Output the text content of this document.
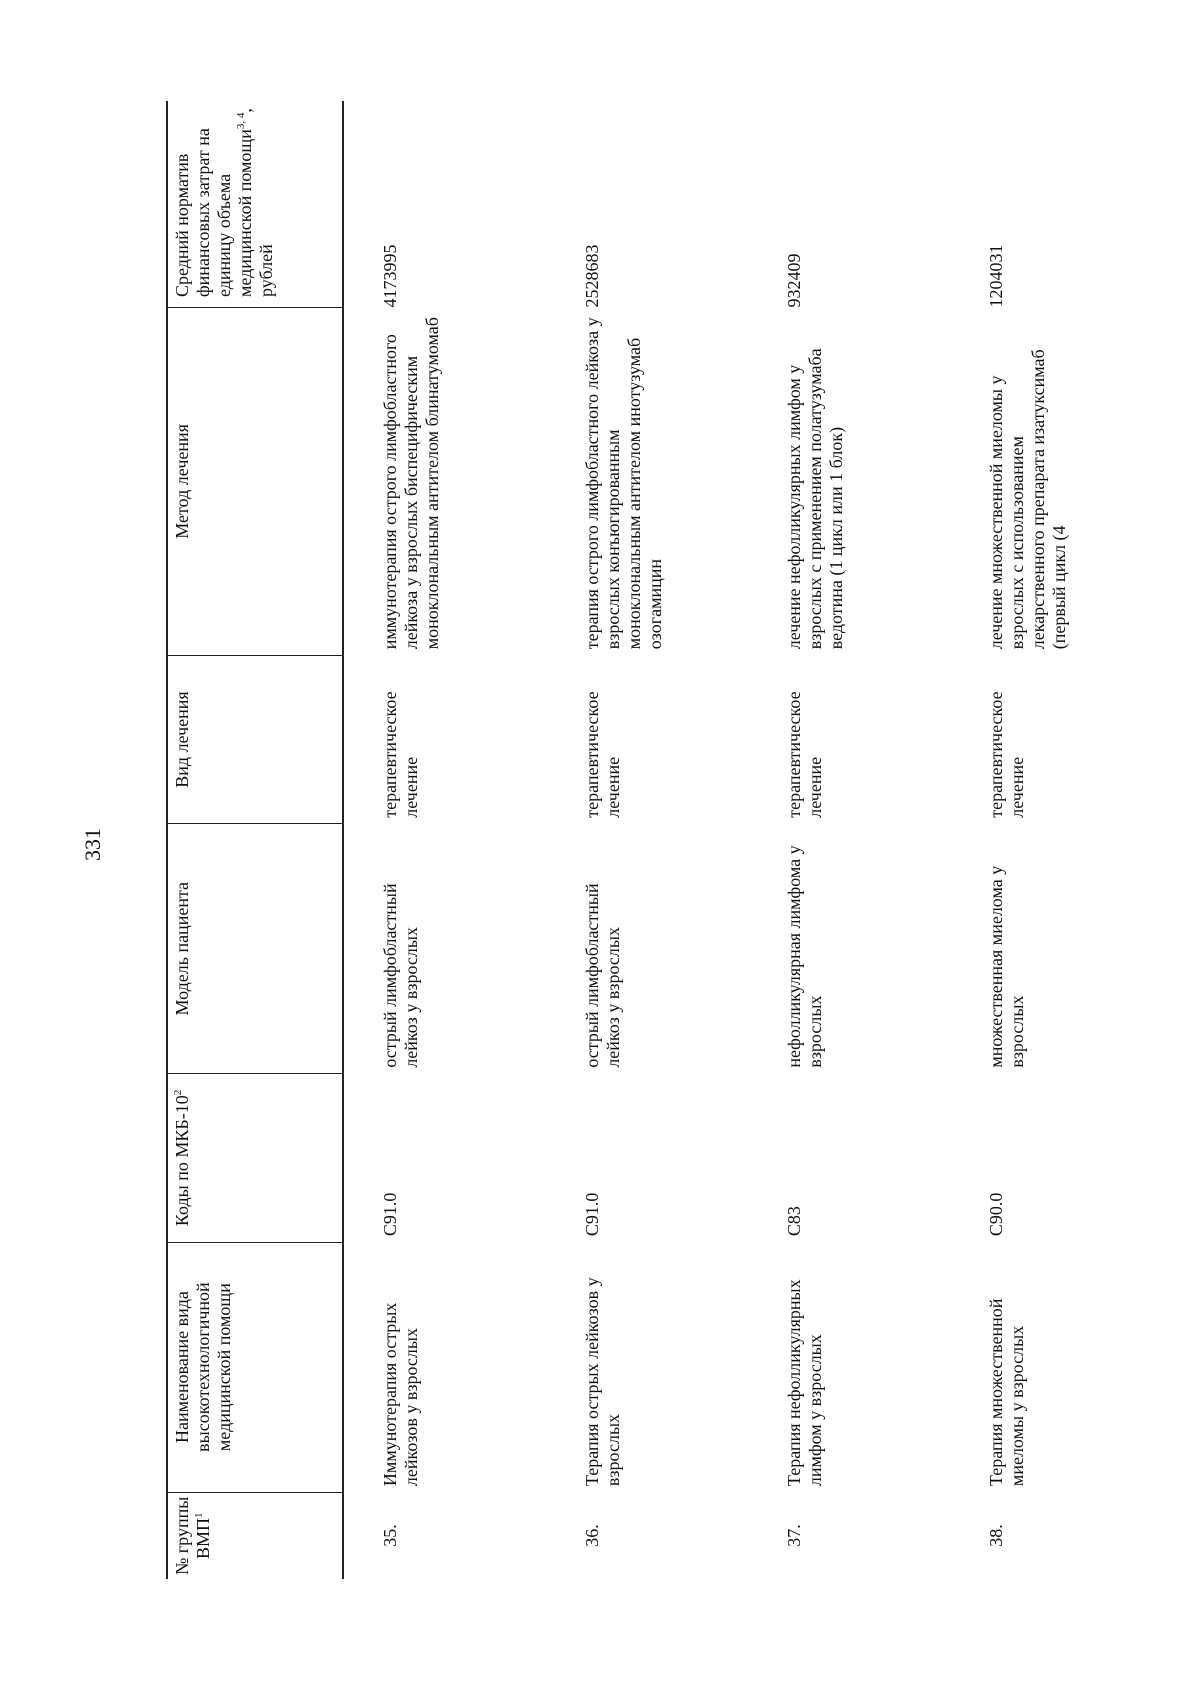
331
№ группы ВМП$^1$	Наименование вида высокотехнологичной медицинской помощи	Коды по МКБ-$10^2$	Модель пациента	Вид лечения	Метод лечения	Средний норматив финансовых затрат на единицу объема медицинской помощи$^{3, 4}$, рублей

35.	Иммунотерапия острых лейкозов у взрослых	C91.0	острый лимфобластный лейкоз у взрослых	терапевтическое лечение	иммунотерапия острого лимфобластного лейкоза у взрослых биспецифическим моноклональным антителом блинатумомаб	4173995
36.	Терапия острых лейкозов у взрослых	C91.0	острый лимфобластный лейкоз у взрослых	терапевтическое лечение	терапия острого лимфобластного лейкоза у взрослых конъюгированным моноклональным антителом инотузумаб озогамицин	2528683
37.	Терапия нефолликулярных лимфом у взрослых	C83	нефолликулярная лимфома у взрослых	терапевтическое лечение	лечение нефолликулярных лимфом у взрослых с применением полатузумаба ведотина (1 цикл или 1 блок)	932409
38.	Терапия множественной миеломы у взрослых	C90.0	множественная миелома у взрослых	терапевтическое лечение	лечение множественной миеломы у взрослых с использованием лекарственного препарата изатуксимаб (первый цикл (4	1204031
